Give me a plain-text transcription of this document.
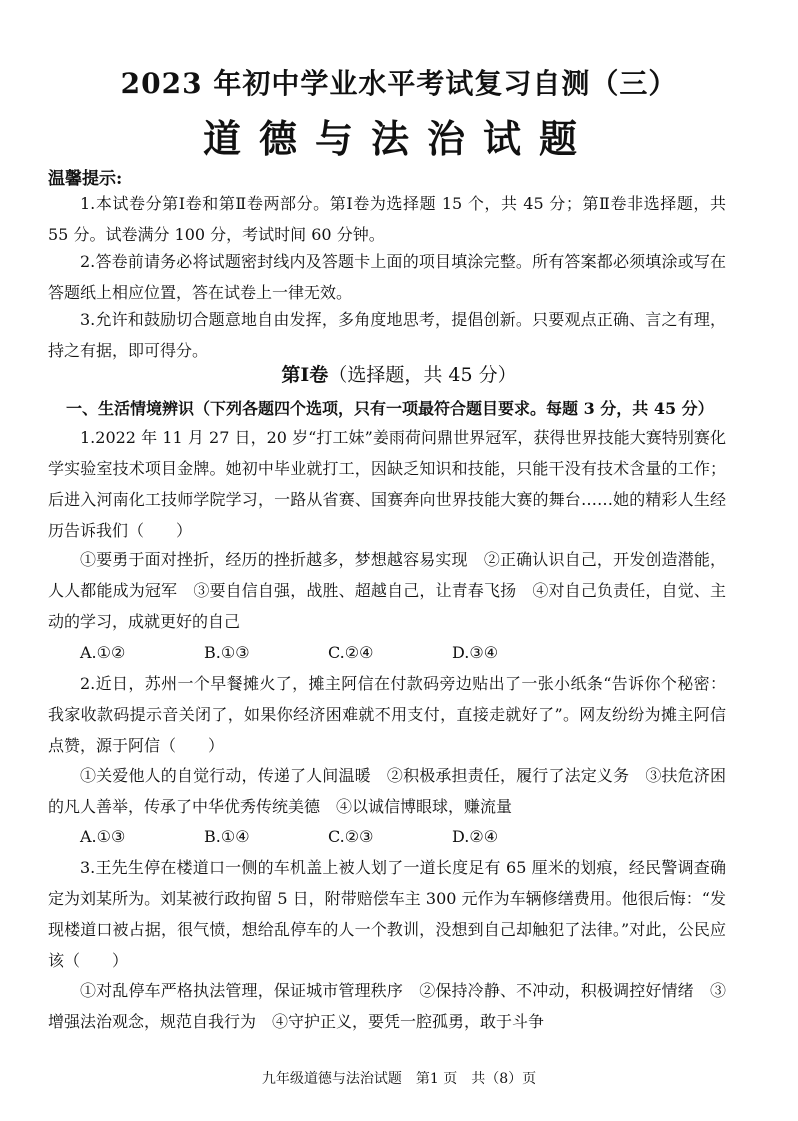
2023 年初中学业水平考试复习自测（三）
道德与法治试题
温馨提示:
1.本试卷分第Ⅰ卷和第Ⅱ卷两部分。第Ⅰ卷为选择题 15 个，共 45 分；第Ⅱ卷非选择题，共 55 分。试卷满分 100 分，考试时间 60 分钟。
2.答卷前请务必将试题密封线内及答题卡上面的项目填涂完整。所有答案都必须填涂或写在答题纸上相应位置，答在试卷上一律无效。
3.允许和鼓励切合题意地自由发挥，多角度地思考，提倡创新。只要观点正确、言之有理，持之有据，即可得分。
第Ⅰ卷（选择题，共 45 分）
一、生活情境辨识（下列各题四个选项，只有一项最符合题目要求。每题 3 分，共 45 分）
1.2022 年 11 月 27 日，20 岁“打工妹”姜雨荷问鼎世界冠军，获得世界技能大赛特别赛化学实验室技术项目金牌。她初中毕业就打工，因缺乏知识和技能，只能干没有技术含量的工作；后进入河南化工技师学院学习，一路从省赛、国赛奔向世界技能大赛的舞台……她的精彩人生经历告诉我们（　　）
①要勇于面对挫折，经历的挫折越多，梦想越容易实现　②正确认识自己，开发创造潜能，人人都能成为冠军　③要自信自强，战胜、超越自己，让青春飞扬　④对自己负责任，自觉、主动的学习，成就更好的自己
A.①②	B.①③	C.②④	D.③④
2.近日，苏州一个早餐摊火了，摊主阿信在付款码旁边贴出了一张小纸条“告诉你个秘密：我家收款码提示音关闭了，如果你经济困难就不用支付，直接走就好了”。网友纷纷为摊主阿信点赞，源于阿信（　　）
①关爱他人的自觉行动，传递了人间温暖　②积极承担责任，履行了法定义务　③扶危济困的凡人善举，传承了中华优秀传统美德　④以诚信博眼球，赚流量
A.①③	B.①④	C.②③	D.②④
3.王先生停在楼道口一侧的车机盖上被人划了一道长度足有 65 厘米的划痕，经民警调查确定为刘某所为。刘某被行政拘留 5 日，附带赔偿车主 300 元作为车辆修缮费用。他很后悔：“发现楼道口被占据，很气愤，想给乱停车的人一个教训，没想到自己却触犯了法律。”对此，公民应该（　　）
①对乱停车严格执法管理，保证城市管理秩序　②保持冷静、不冲动，积极调控好情绪　③增强法治观念，规范自我行为　④守护正义，要凭一腔孤勇，敢于斗争
九年级道德与法治试题　第1 页　共（8）页
